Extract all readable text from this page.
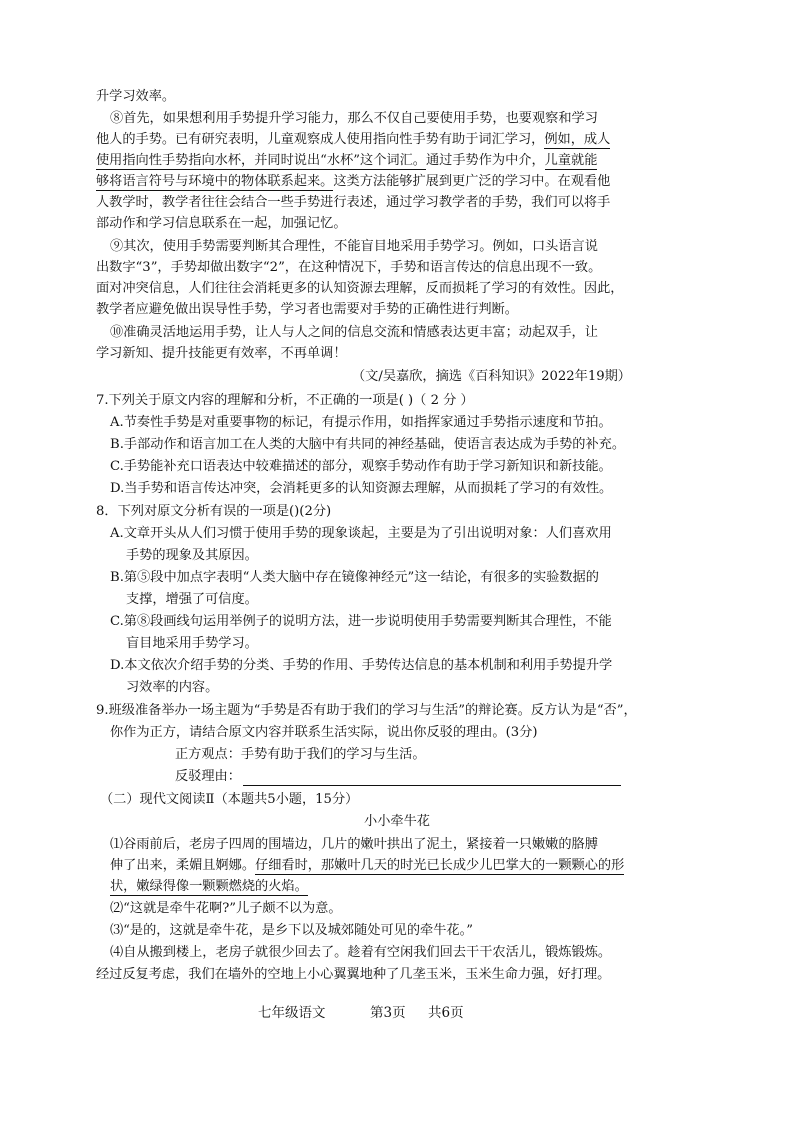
升学习效率。
⑧首先，如果想利用手势提升学习能力，那么不仅自己要使用手势，也要观察和学习
他人的手势。已有研究表明，儿童观察成人使用指向性手势有助于词汇学习，例如，成人
使用指向性手势指向水杯，并同时说出“水杯”这个词汇。通过手势作为中介，儿童就能
够将语言符号与环境中的物体联系起来。这类方法能够扩展到更广泛的学习中。在观看他
人教学时，教学者往往会结合一些手势进行表述，通过学习教学者的手势，我们可以将手
部动作和学习信息联系在一起，加强记忆。
⑨其次，使用手势需要判断其合理性，不能盲目地采用手势学习。例如，口头语言说
出数字“3”，手势却做出数字“2”，在这种情况下，手势和语言传达的信息出现不一致。
面对冲突信息，人们往往会消耗更多的认知资源去理解，反而损耗了学习的有效性。因此，
教学者应避免做出误导性手势，学习者也需要对手势的正确性进行判断。
⑩准确灵活地运用手势，让人与人之间的信息交流和情感表达更丰富；动起双手，让
学习新知、提升技能更有效率，不再单调！
（文/吴嘉欣，摘选《百科知识》2022年19期）
7.下列关于原文内容的理解和分析，不正确的一项是( )（ 2 分 ）
A.节奏性手势是对重要事物的标记，有提示作用，如指挥家通过手势指示速度和节拍。
B.手部动作和语言加工在人类的大脑中有共同的神经基础，使语言表达成为手势的补充。
C.手势能补充口语表达中较难描述的部分，观察手势动作有助于学习新知识和新技能。
D.当手势和语言传达冲突，会消耗更多的认知资源去理解，从而损耗了学习的有效性。
8．下列对原文分析有误的一项是()(2分)
A.文章开头从人们习惯于使用手势的现象谈起，主要是为了引出说明对象：人们喜欢用
手势的现象及其原因。
B.第⑤段中加点字表明“人类大脑中存在镜像神经元”这一结论，有很多的实验数据的
支撑，增强了可信度。
C.第⑧段画线句运用举例子的说明方法，进一步说明使用手势需要判断其合理性，不能
盲目地采用手势学习。
D.本文依次介绍手势的分类、手势的作用、手势传达信息的基本机制和利用手势提升学
习效率的内容。
9.班级准备举办一场主题为“手势是否有助于我们的学习与生活”的辩论赛。反方认为是“否”，
你作为正方，请结合原文内容并联系生活实际，说出你反驳的理由。(3分)
正方观点：手势有助于我们的学习与生活。
反驳理由：
（二）现代文阅读Ⅱ（本题共5小题，15分）
小小牵牛花
⑴谷雨前后，老房子四周的围墙边，几片的嫩叶拱出了泥土，紧接着一只嫩嫩的胳膊
伸了出来，柔媚且婀娜。仔细看时，那嫩叶几天的时光已长成少儿巴掌大的一颗颗心的形
状，嫩绿得像一颗颗燃烧的火焰。
⑵“这就是牵牛花啊?”儿子颇不以为意。
⑶“是的，这就是牵牛花，是乡下以及城郊随处可见的牵牛花。”
⑷自从搬到楼上，老房子就很少回去了。趁着有空闲我们回去干干农活儿，锻炼锻炼。
经过反复考虑，我们在墙外的空地上小心翼翼地种了几垄玉米，玉米生命力强，好打理。
七年级语文	第3页 共6页
